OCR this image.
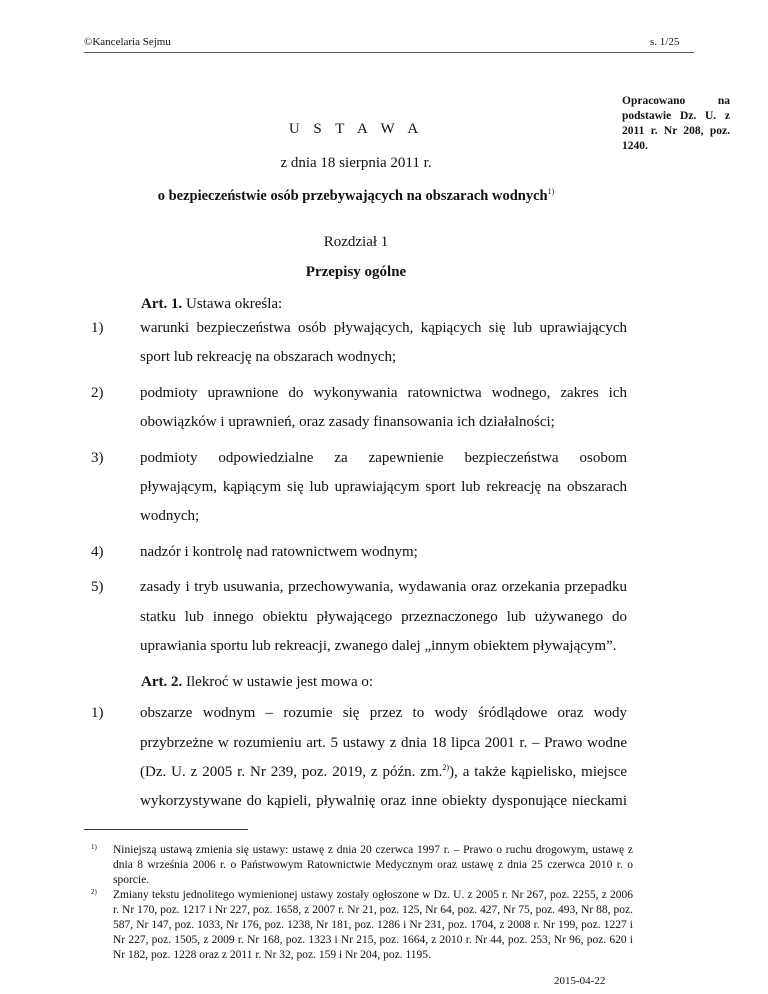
©Kancelaria Sejmu	s. 1/25
Opracowano na podstawie Dz. U. z 2011 r. Nr 208, poz. 1240.
U S T A W A
z dnia 18 sierpnia 2011 r.
o bezpieczeństwie osób przebywających na obszarach wodnych$^{1)}$
Rozdział 1
Przepisy ogólne
Art. 1. Ustawa określa:
1) warunki bezpieczeństwa osób pływających, kąpiących się lub uprawiających
sport lub rekreację na obszarach wodnych;
2) podmioty uprawnione do wykonywania ratownictwa wodnego, zakres ich
obowiązków i uprawnień, oraz zasady finansowania ich działalności;
3) podmioty odpowiedzialne za zapewnienie bezpieczeństwa osobom
pływającym, kąpiącym się lub uprawiającym sport lub rekreację na obszarach
wodnych;
4) nadzór i kontrolę nad ratownictwem wodnym;
5) zasady i tryb usuwania, przechowywania, wydawania oraz orzekania przepadku
statku lub innego obiektu pływającego przeznaczonego lub używanego do
uprawiania sportu lub rekreacji, zwanego dalej „innym obiektem pływającym”.
Art. 2. Ilekroć w ustawie jest mowa o:
1) obszarze wodnym – rozumie się przez to wody śródlądowe oraz wody
przybrzeżne w rozumieniu art. 5 ustawy z dnia 18 lipca 2001 r. – Prawo wodne
(Dz. U. z 2005 r. Nr 239, poz. 2019, z późn. zm.$^{2)}$), a także kąpielisko, miejsce
wykorzystywane do kąpieli, pływalnię oraz inne obiekty dysponujące nieckami
$^{1)}$ Niniejszą ustawą zmienia się ustawy: ustawę z dnia 20 czerwca 1997 r. – Prawo o ruchu drogowym, ustawę z dnia 8 września 2006 r. o Państwowym Ratownictwie Medycznym oraz ustawę z dnia 25 czerwca 2010 r. o sporcie.
$^{2)}$ Zmiany tekstu jednolitego wymienionej ustawy zostały ogłoszone w Dz. U. z 2005 r. Nr 267, poz. 2255, z 2006 r. Nr 170, poz. 1217 i Nr 227, poz. 1658, z 2007 r. Nr 21, poz. 125, Nr 64, poz. 427, Nr 75, poz. 493, Nr 88, poz. 587, Nr 147, poz. 1033, Nr 176, poz. 1238, Nr 181, poz. 1286 i Nr 231, poz. 1704, z 2008 r. Nr 199, poz. 1227 i Nr 227, poz. 1505, z 2009 r. Nr 168, poz. 1323 i Nr 215, poz. 1664, z 2010 r. Nr 44, poz. 253, Nr 96, poz. 620 i Nr 182, poz. 1228 oraz z 2011 r. Nr 32, poz. 159 i Nr 204, poz. 1195.
2015-04-22
